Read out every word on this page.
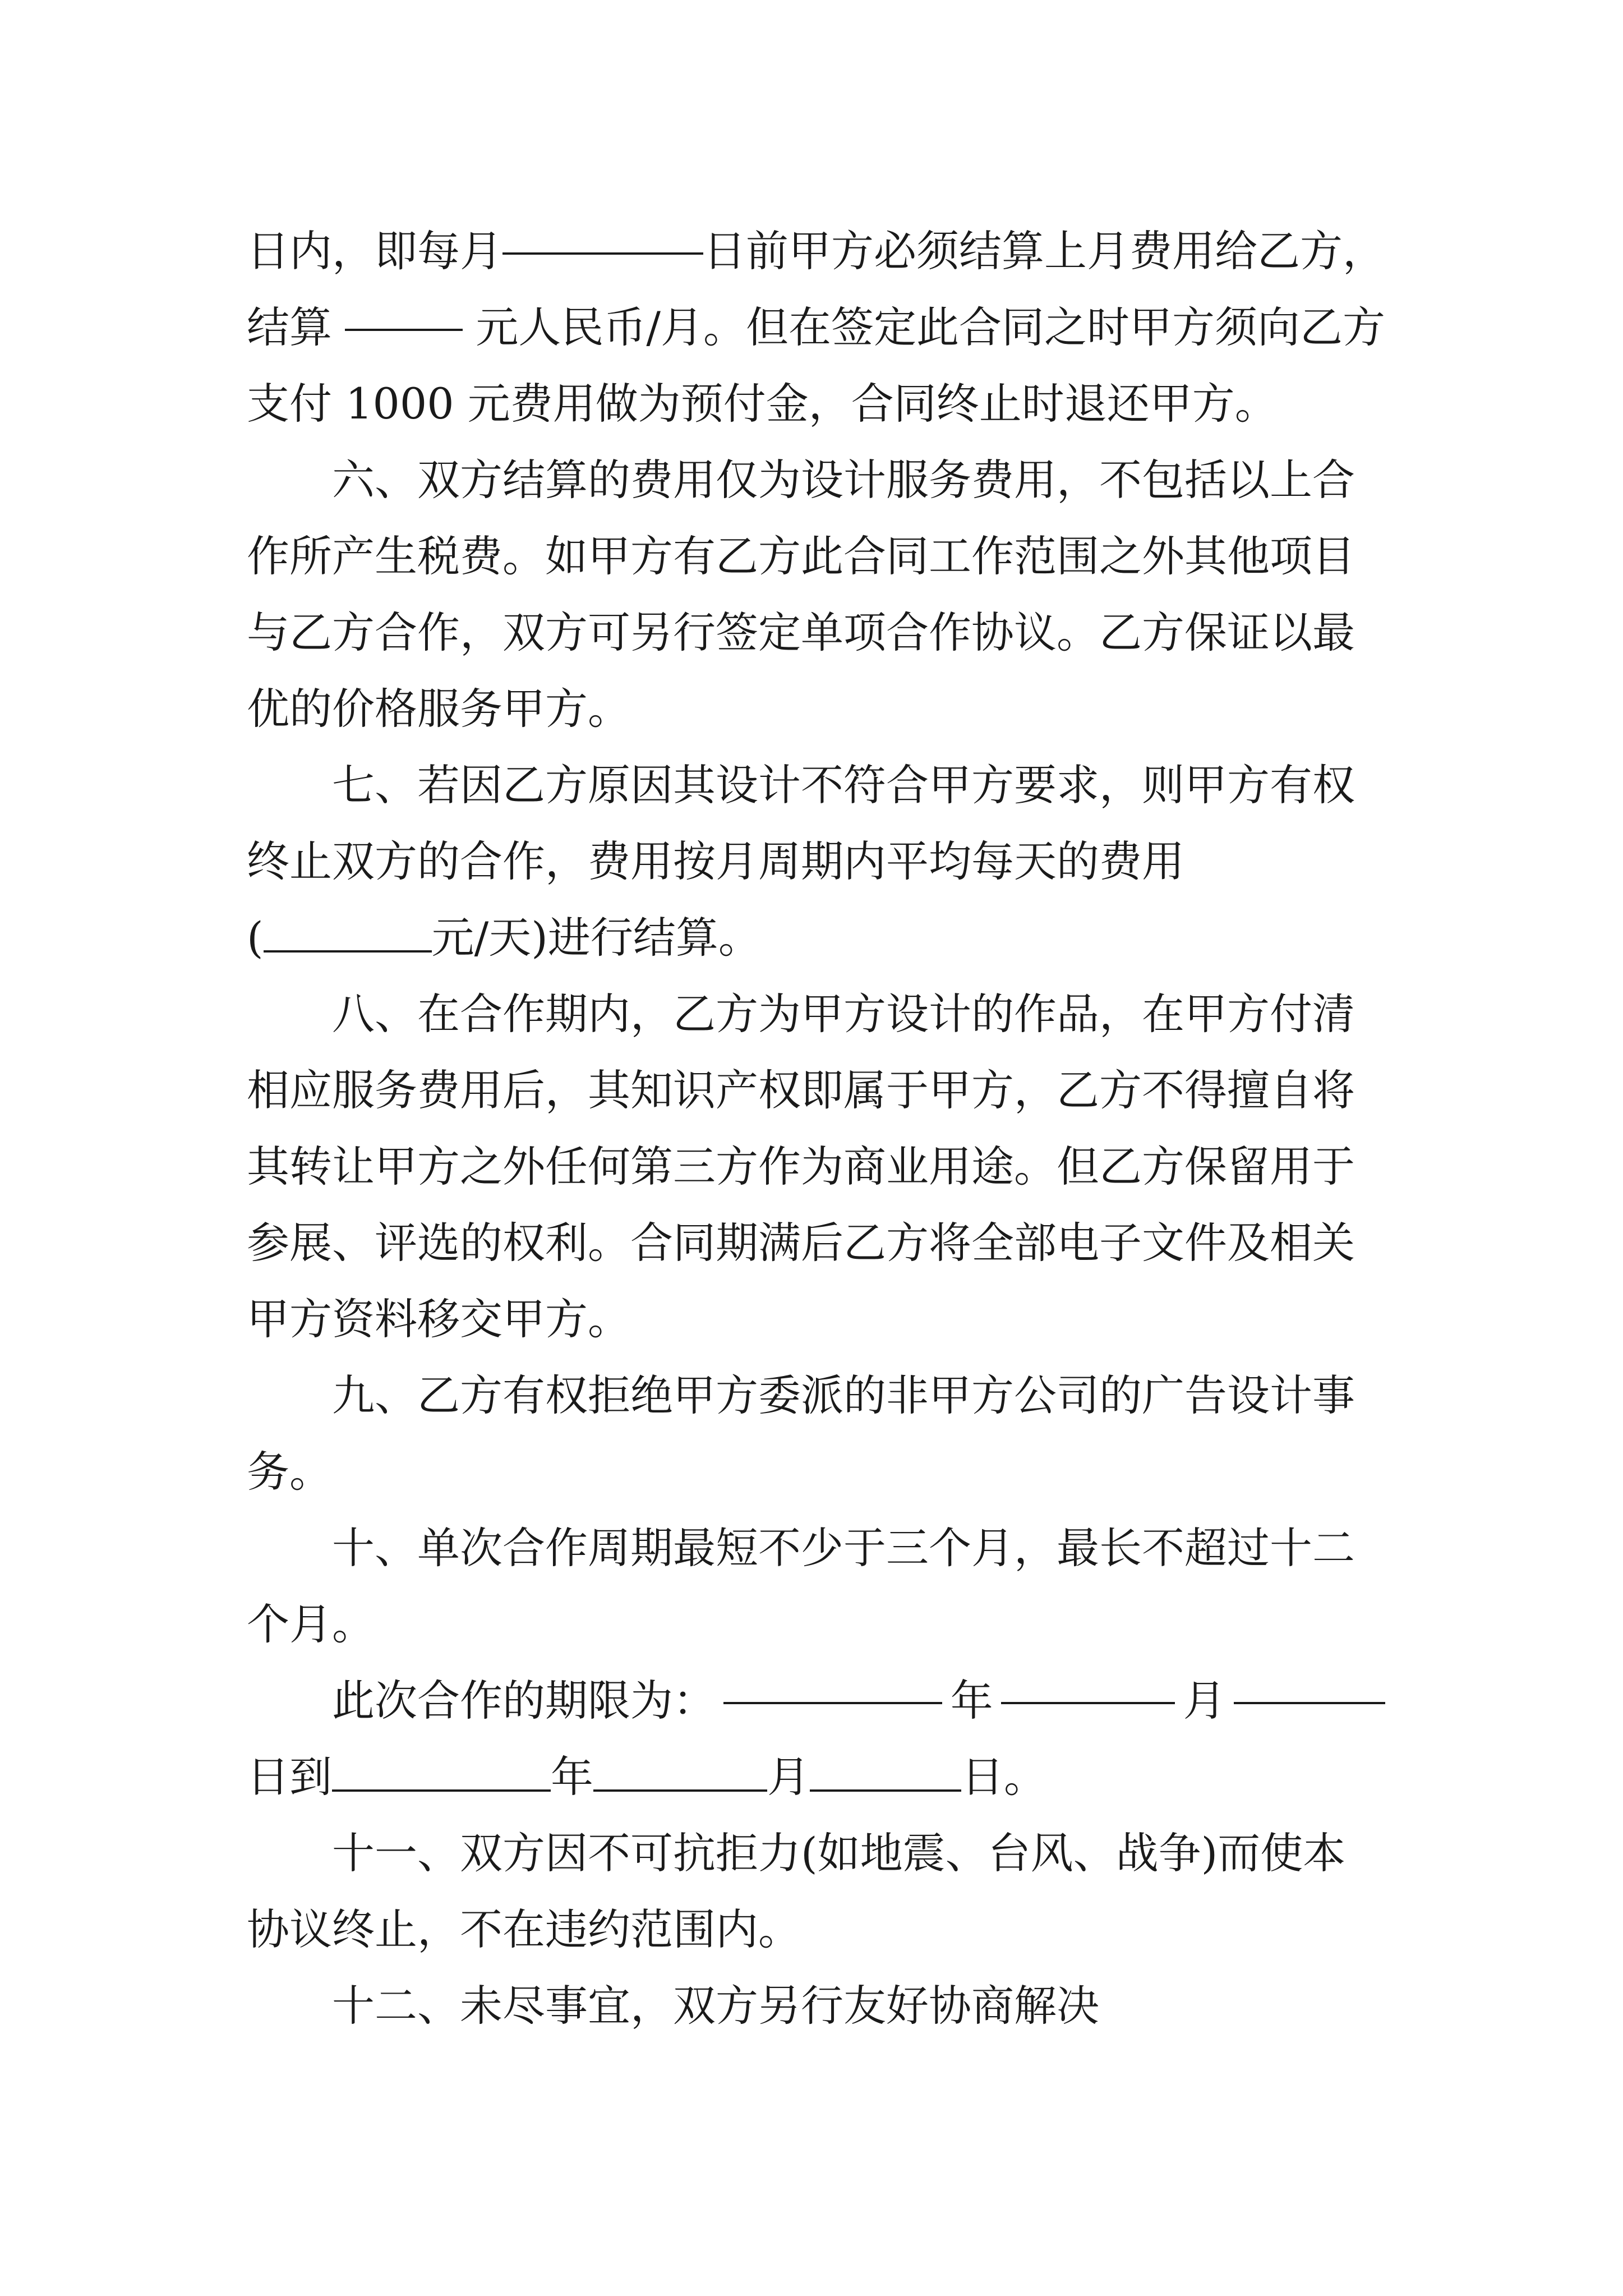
日内，即每月	日前甲方必须结算上月费用给乙方，
结算	元人民币/月。但在签定此合同之时甲方须向乙方
支付 1000 元费用做为预付金，合同终止时退还甲方。
六、双方结算的费用仅为设计服务费用，不包括以上合
作所产生税费。如甲方有乙方此合同工作范围之外其他项目
与乙方合作，双方可另行签定单项合作协议。乙方保证以最
优的价格服务甲方。
七、若因乙方原因其设计不符合甲方要求，则甲方有权
终止双方的合作，费用按月周期内平均每天的费用
(	元/天)进行结算。
八、在合作期内，乙方为甲方设计的作品，在甲方付清
相应服务费用后，其知识产权即属于甲方，乙方不得擅自将
其转让甲方之外任何第三方作为商业用途。但乙方保留用于
参展、评选的权利。合同期满后乙方将全部电子文件及相关
甲方资料移交甲方。
九、乙方有权拒绝甲方委派的非甲方公司的广告设计事
务。
十、单次合作周期最短不少于三个月，最长不超过十二
个月。
此次合作的期限为：	年	月
日到	年	月	日。
十一、双方因不可抗拒力(如地震、台风、战争)而使本
协议终止，不在违约范围内。
十二、未尽事宜，双方另行友好协商解决
